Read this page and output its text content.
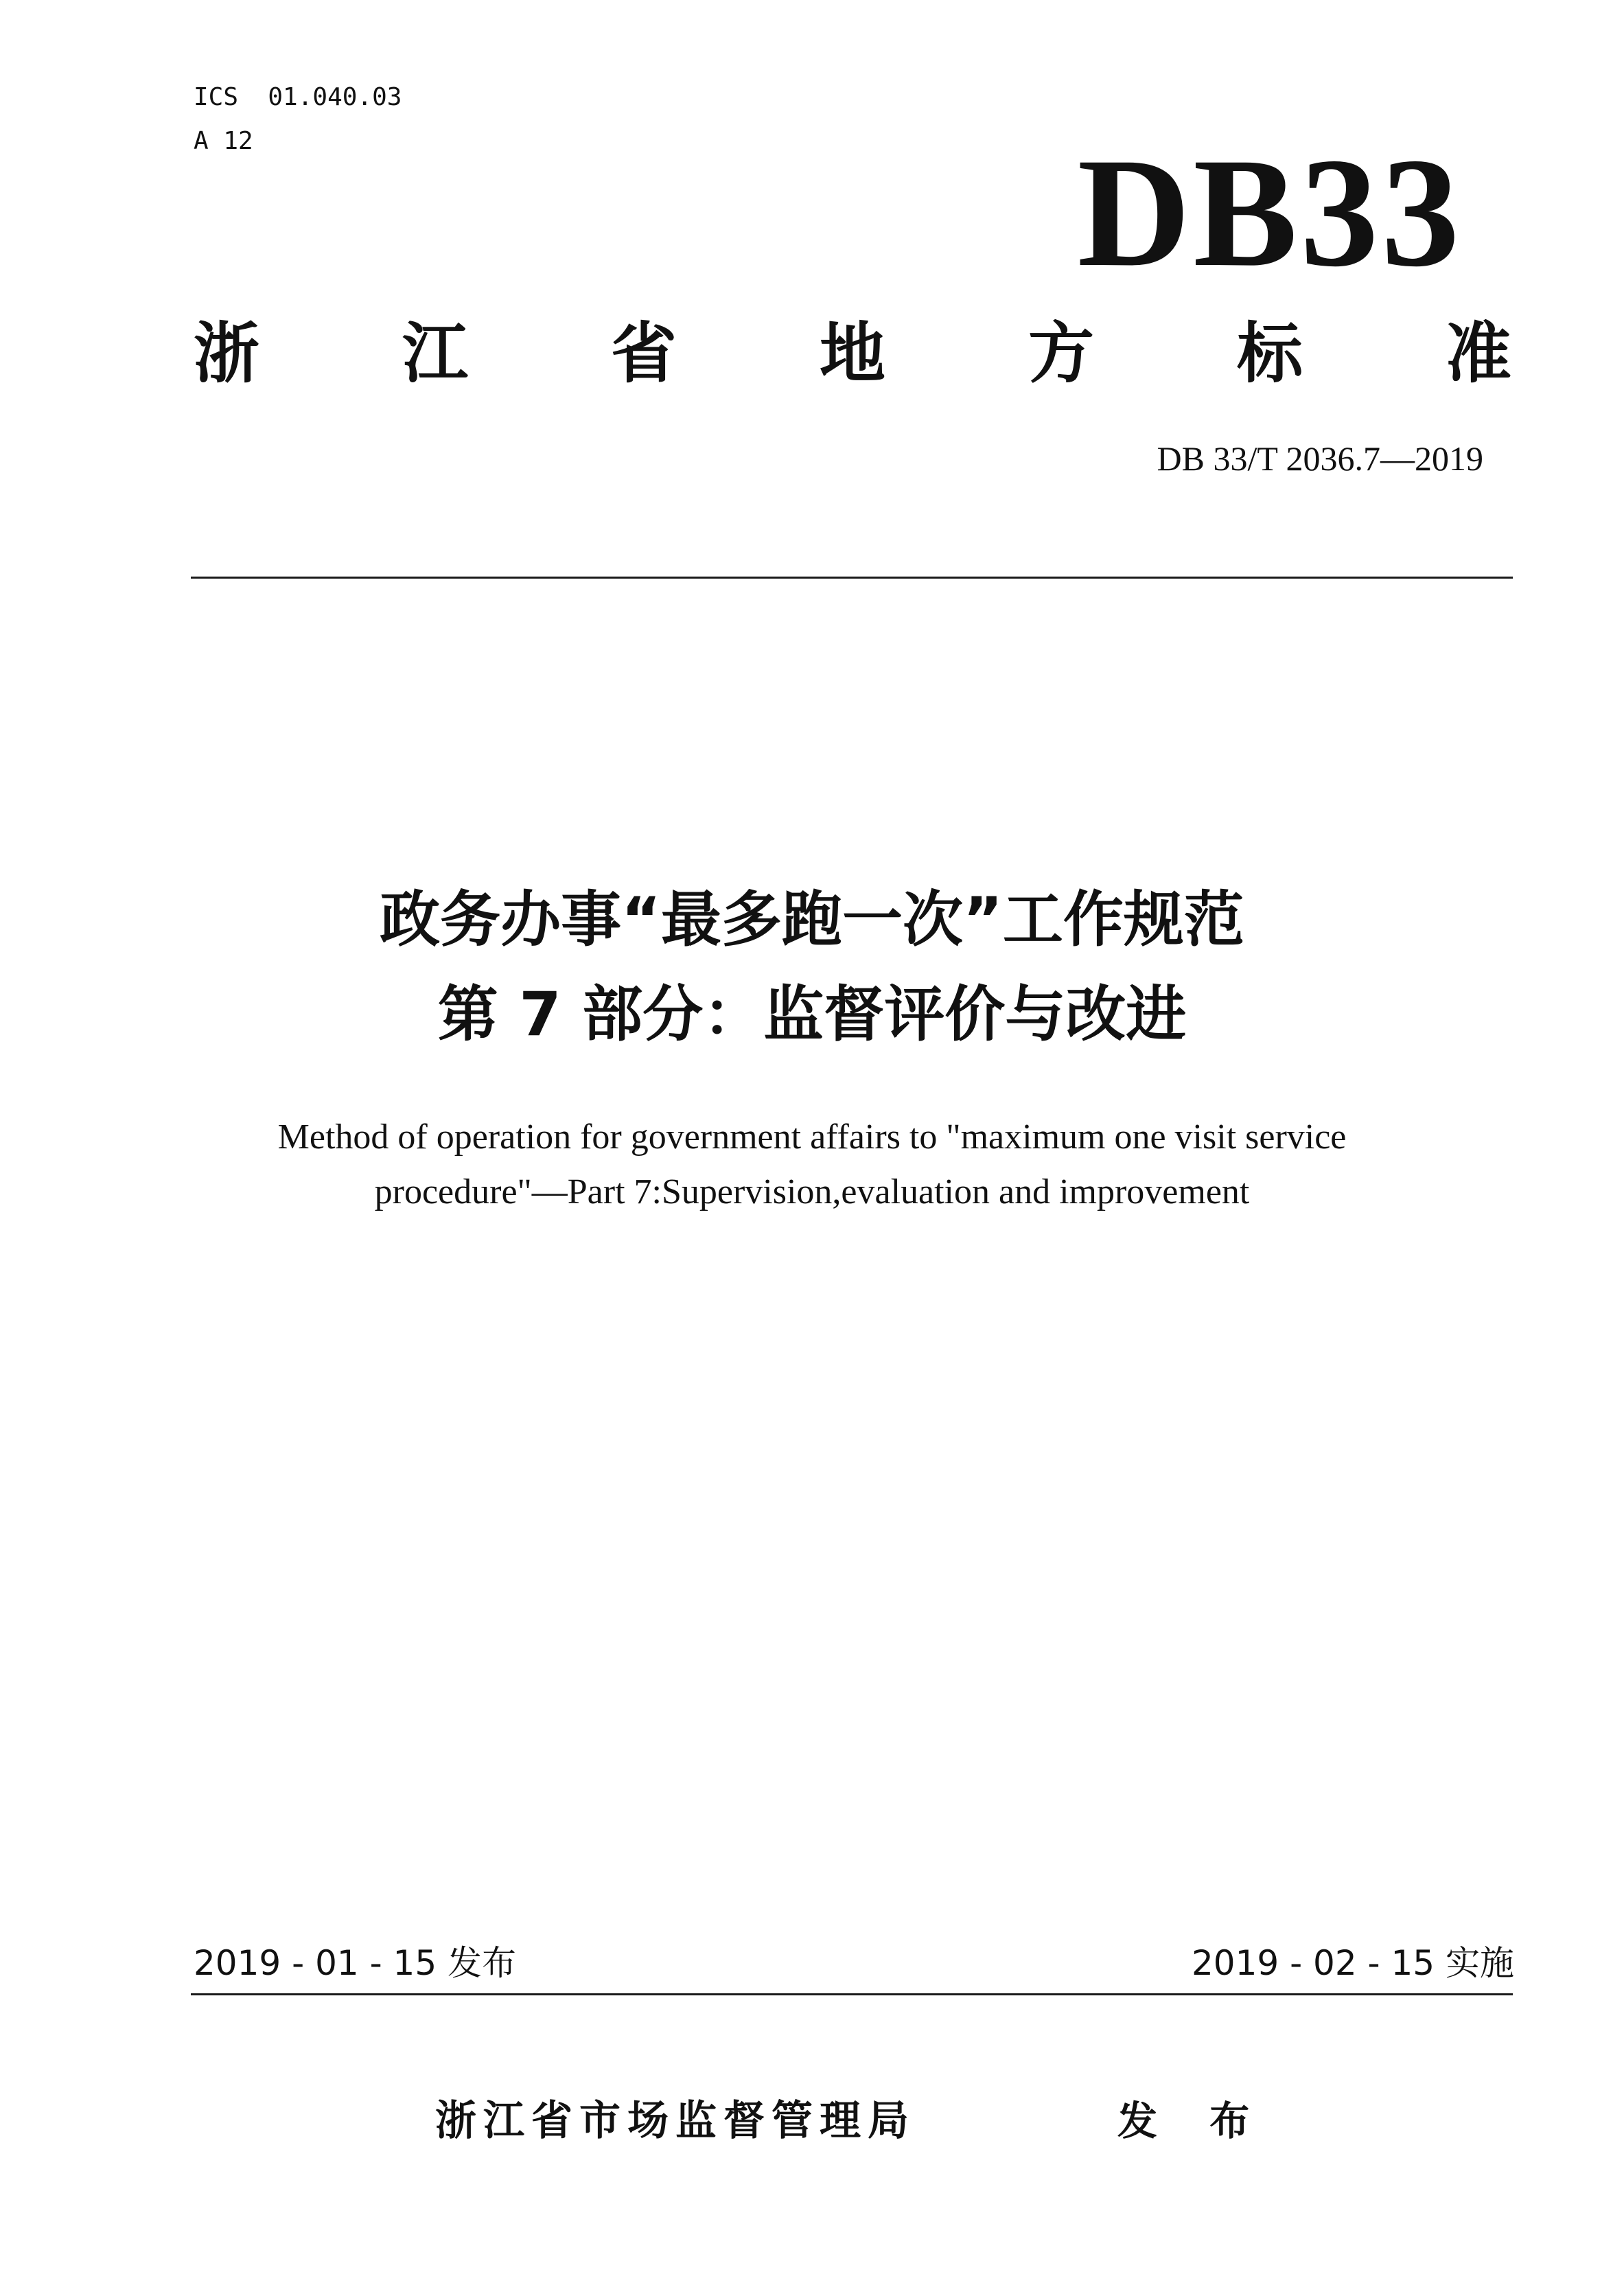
ICS  01.040.03
A 12	DB33
浙 江 省 地 方 标 准
DB 33/T 2036.7—2019
政务办事“最多跑一次”工作规范
第 7 部分：监督评价与改进
Method of operation for government affairs to "maximum one visit service
procedure"—Part 7:Supervision,evaluation and improvement
2019 - 01 - 15 发布	2019 - 02 - 15 实施
浙江省市场监督管理局	发 布
